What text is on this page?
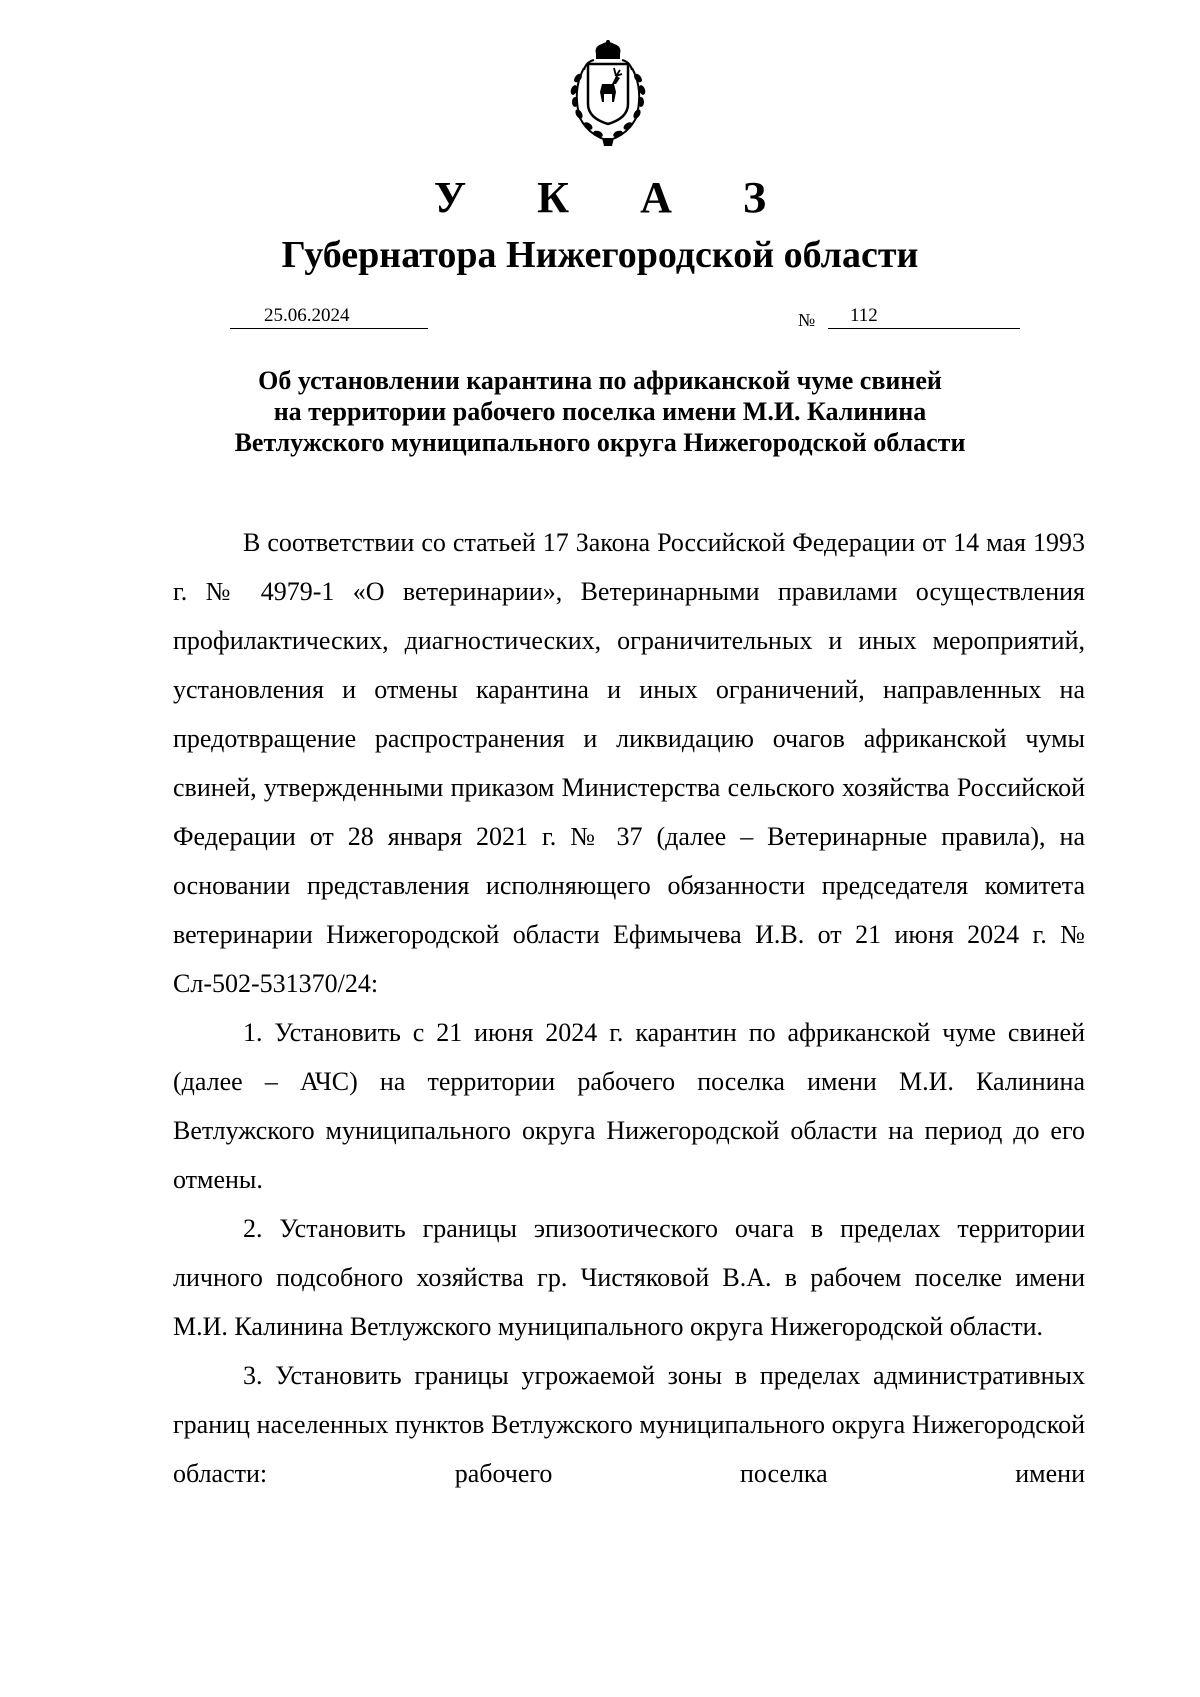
У К А З
Губернатора Нижегородской области
25.06.2024	№	112
Об установлении карантина по африканской чуме свиней
на территории рабочего поселка имени М.И. Калинина
Ветлужского муниципального округа Нижегородской области

В соответствии со статьей 17 Закона Российской Федерации от 14 мая 1993 г. № 4979-1 «О ветеринарии», Ветеринарными правилами осуществления профилактических, диагностических, ограничительных и иных мероприятий, установления и отмены карантина и иных ограничений, направленных на предотвращение распространения и ликвидацию очагов африканской чумы свиней, утвержденными приказом Министерства сельского хозяйства Российской Федерации от 28 января 2021 г. № 37 (далее – Ветеринарные правила), на основании представления исполняющего обязанности председателя комитета ветеринарии Нижегородской области Ефимычева И.В. от 21 июня 2024 г. № Сл-502-531370/24:

1. Установить с 21 июня 2024 г. карантин по африканской чуме свиней (далее – АЧС) на территории рабочего поселка имени М.И. Калинина Ветлужского муниципального округа Нижегородской области на период до его отмены.

2. Установить границы эпизоотического очага в пределах территории личного подсобного хозяйства гр. Чистяковой В.А. в рабочем поселке имени М.И. Калинина Ветлужского муниципального округа Нижегородской области.

3. Установить границы угрожаемой зоны в пределах административных границ населенных пунктов Ветлужского муниципального округа Нижегородской области: рабочего поселка имени
